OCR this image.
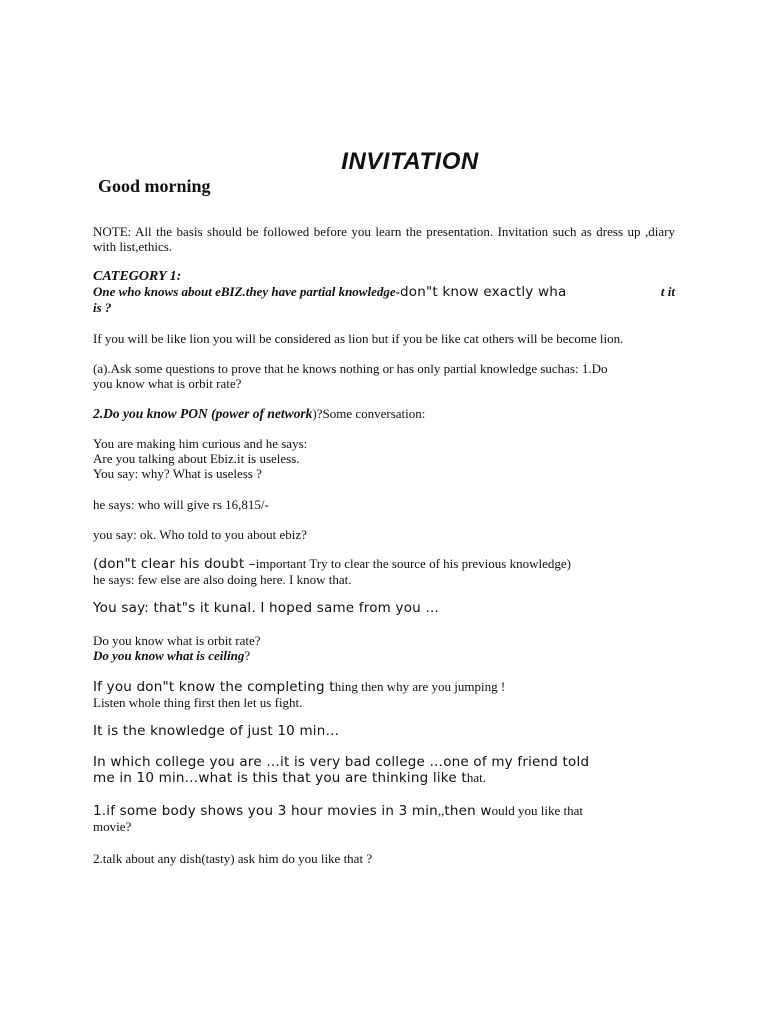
INVITATION
Good morning
NOTE: All the basis should be followed before you learn the presentation. Invitation such as dress up ,diary with list,ethics.
CATEGORY 1:
One who knows about eBIZ.they have partial knowledge-don"t know exactly wha	t it
is ?
If you will be like lion you will be considered as lion but if you be like cat others will be become lion.
(a).Ask some questions to prove that he knows nothing or has only partial knowledge suchas: 1.Do
you know what is orbit rate?
2.Do you know PON (power of network)?Some conversation:
You are making him curious and he says:
Are you talking about Ebiz.it is useless.
You say: why? What is useless ?
he says: who will give rs 16,815/-
you say: ok. Who told to you about ebiz?
(don"t clear his doubt –important Try to clear the source of his previous knowledge)
he says: few else are also doing here. I know that.
You say: that"s it kunal. I hoped same from you …
Do you know what is orbit rate?
Do you know what is ceiling?
If you don"t know the completing thing then why are you jumping !
Listen whole thing first then let us fight.
It is the knowledge of just 10 min…
In which college you are …it is very bad college …one of my friend told
me in 10 min…what is this that you are thinking like that.
1.if some body shows you 3 hour movies in 3 min,,then would you like that
movie?
2.talk about any dish(tasty) ask him do you like that ?
